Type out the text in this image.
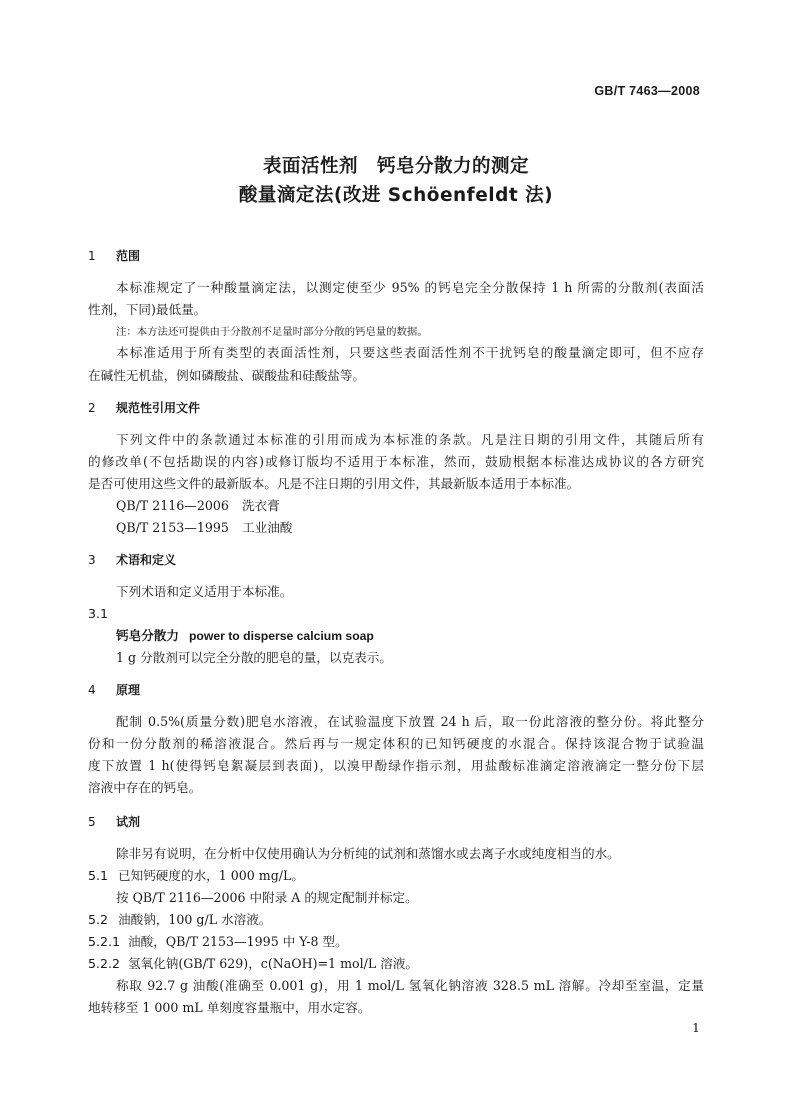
GB/T 7463—2008
表面活性剂　钙皂分散力的测定
酸量滴定法(改进 Schöenfeldt 法)
1 范围
本标准规定了一种酸量滴定法，以测定使至少 95% 的钙皂完全分散保持 1 h 所需的分散剂(表面活
性剂，下同)最低量。
注：本方法还可提供由于分散剂不足量时部分分散的钙皂量的数据。
本标准适用于所有类型的表面活性剂，只要这些表面活性剂不干扰钙皂的酸量滴定即可，但不应存
在碱性无机盐，例如磷酸盐、碳酸盐和硅酸盐等。
2 规范性引用文件
下列文件中的条款通过本标准的引用而成为本标准的条款。凡是注日期的引用文件，其随后所有
的修改单(不包括勘误的内容)或修订版均不适用于本标准，然而，鼓励根据本标准达成协议的各方研究
是否可使用这些文件的最新版本。凡是不注日期的引用文件，其最新版本适用于本标准。
QB/T 2116—2006 洗衣膏
QB/T 2153—1995 工业油酸
3 术语和定义
下列术语和定义适用于本标准。
3.1
钙皂分散力 power to disperse calcium soap
1 g 分散剂可以完全分散的肥皂的量，以克表示。
4 原理
配制 0.5%(质量分数)肥皂水溶液，在试验温度下放置 24 h 后，取一份此溶液的整分份。将此整分
份和一份分散剂的稀溶液混合。然后再与一规定体积的已知钙硬度的水混合。保持该混合物于试验温
度下放置 1 h(使得钙皂絮凝层到表面)，以溴甲酚绿作指示剂，用盐酸标准滴定溶液滴定一整分份下层
溶液中存在的钙皂。
5 试剂
除非另有说明，在分析中仅使用确认为分析纯的试剂和蒸馏水或去离子水或纯度相当的水。
5.1 已知钙硬度的水，1 000 mg/L。
按 QB/T 2116—2006 中附录 A 的规定配制并标定。
5.2 油酸钠，100 g/L 水溶液。
5.2.1 油酸，QB/T 2153—1995 中 Y-8 型。
5.2.2 氢氧化钠(GB/T 629)，c(NaOH)=1 mol/L 溶液。
称取 92.7 g 油酸(准确至 0.001 g)，用 1 mol/L 氢氧化钠溶液 328.5 mL 溶解。冷却至室温，定量
地转移至 1 000 mL 单刻度容量瓶中，用水定容。
1
